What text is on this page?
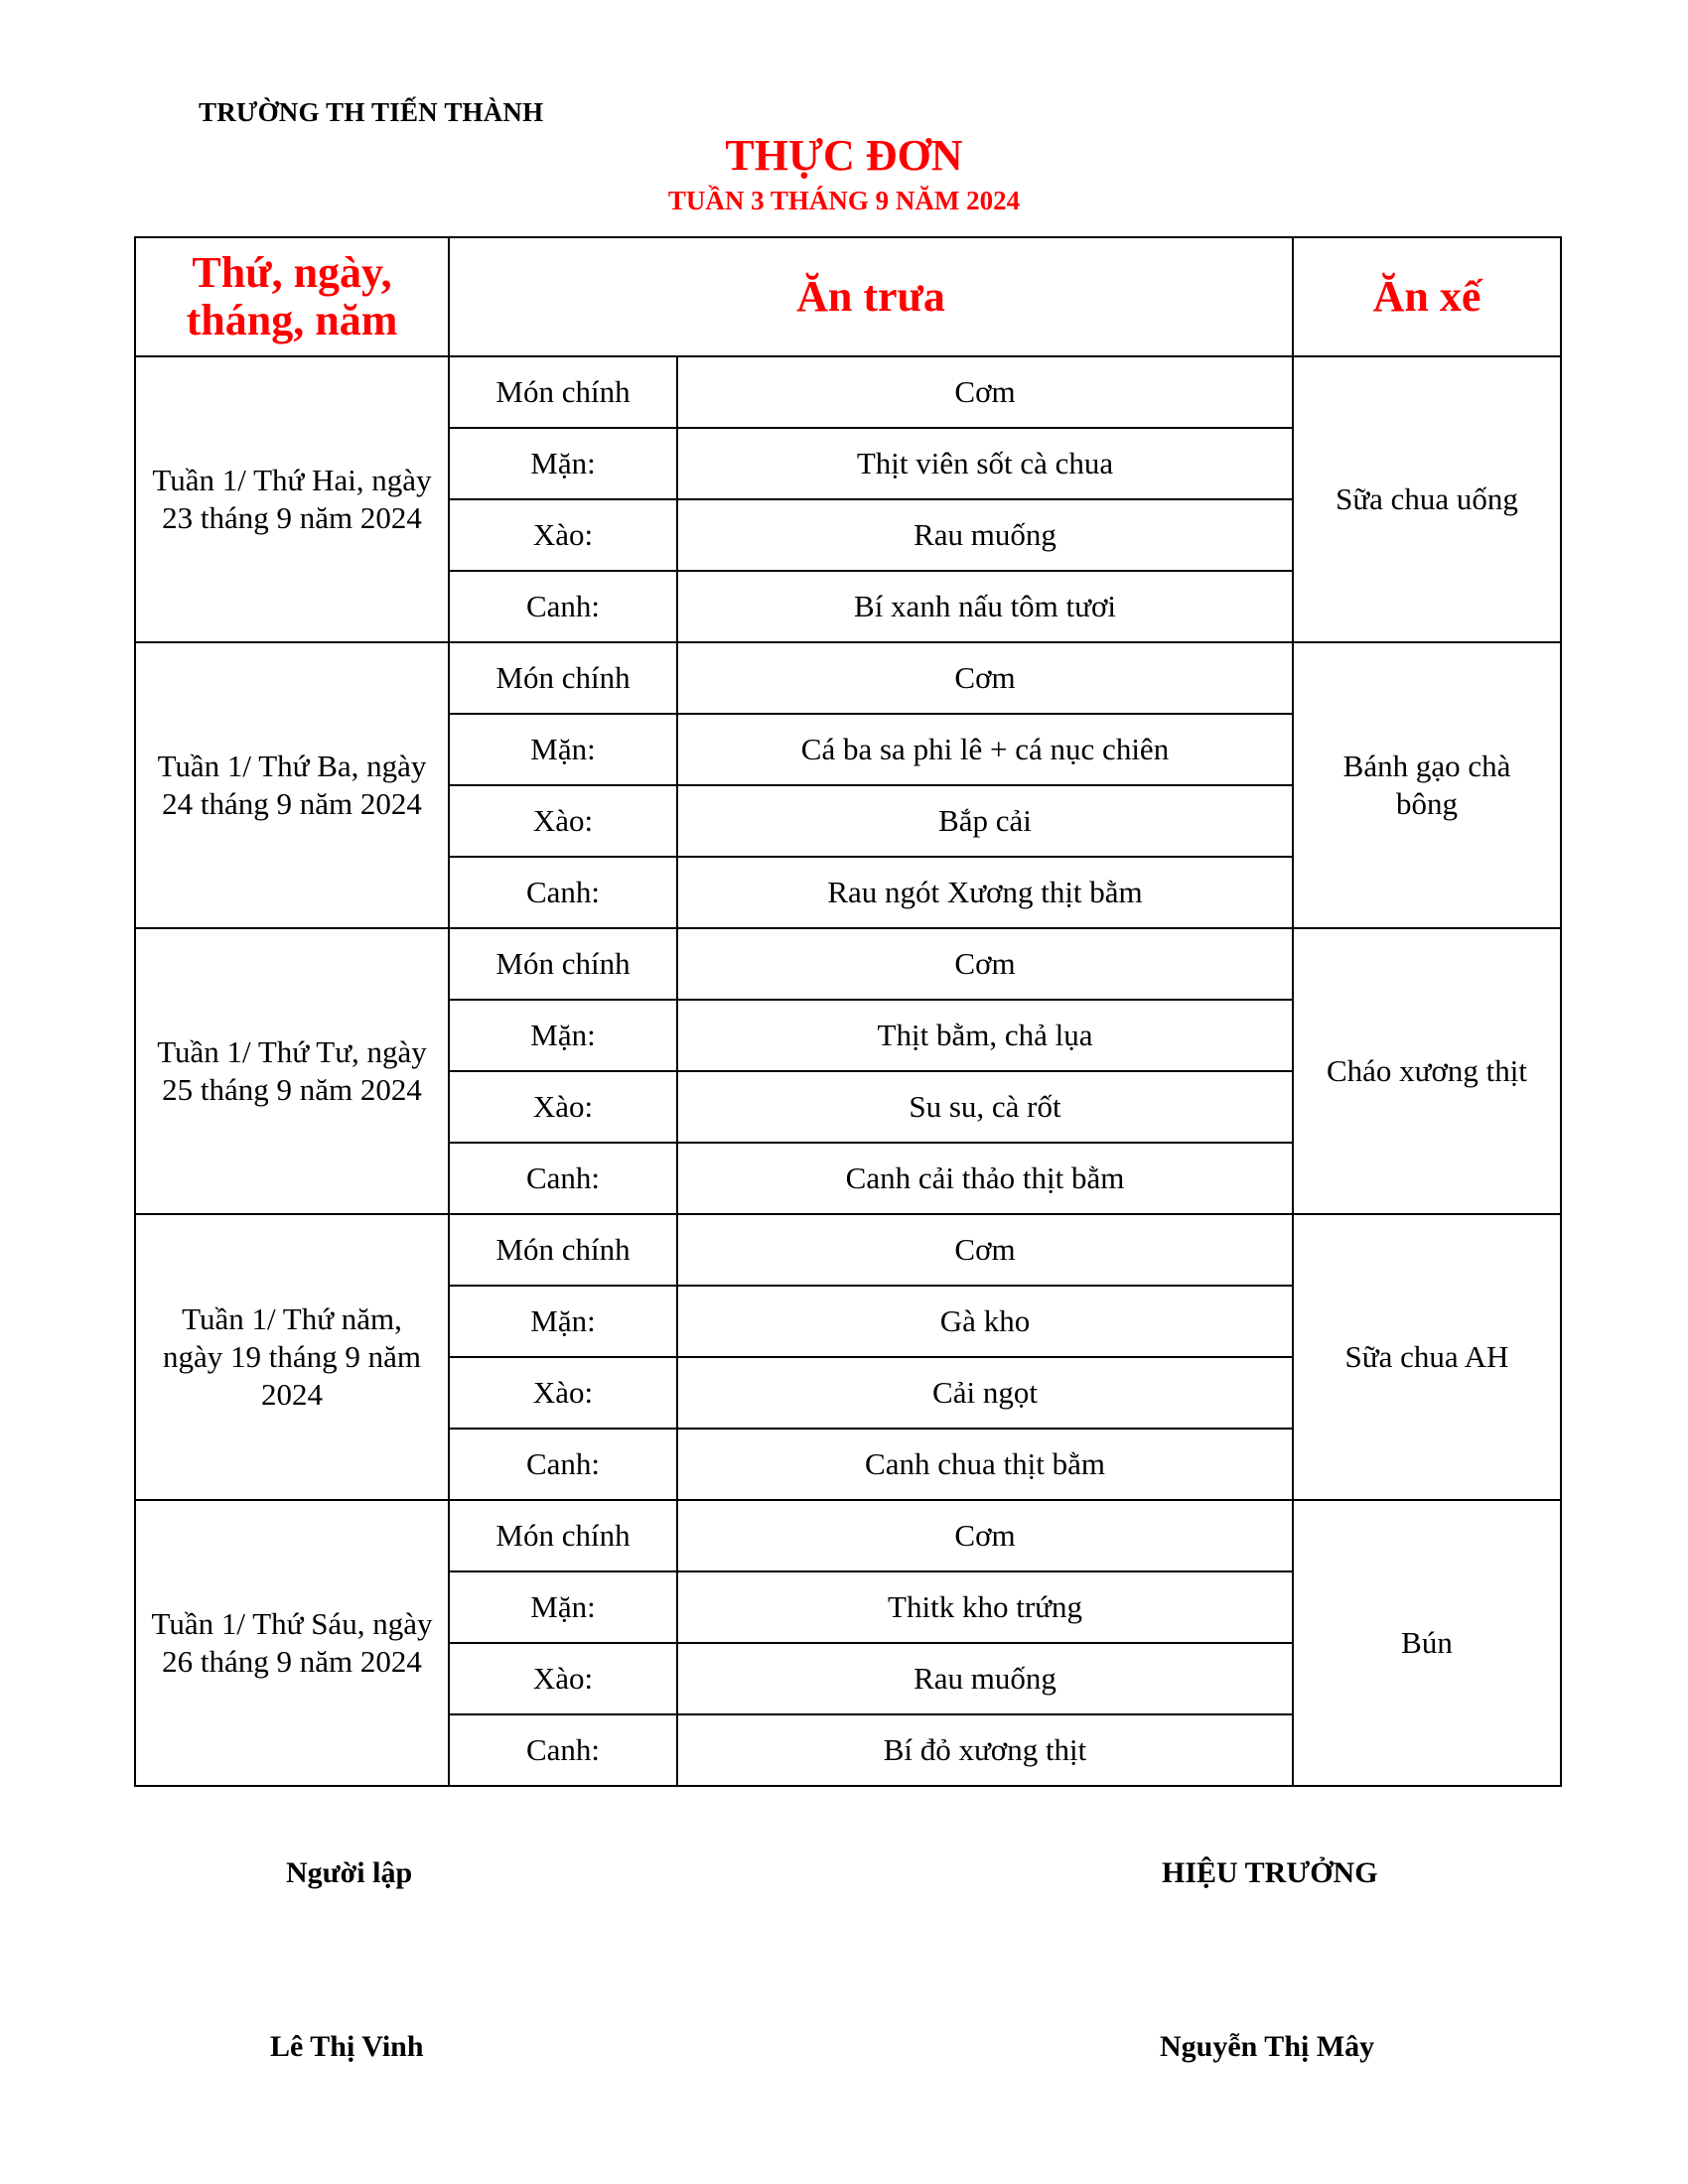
TRƯỜNG TH TIẾN THÀNH
THỰC ĐƠN
TUẦN 3 THÁNG 9 NĂM 2024
Thứ, ngày, tháng, năm	Ăn trưa		Ăn xế
Tuần 1/ Thứ Hai, ngày
23 tháng 9 năm 2024	Món chính	Cơm	Sữa chua uống
	Mặn:	Thịt viên sốt cà chua	
	Xào:	Rau muống	
	Canh:	Bí xanh nấu tôm tươi	
Tuần 1/ Thứ Ba, ngày 24 tháng 9 năm 2024	Món chính	Cơm	Bánh gạo chà bông
	Mặn:	Cá ba sa phi lê + cá nục chiên	
	Xào:	Bắp cải	
	Canh:	Rau ngót Xương thịt bằm	
Tuần 1/ Thứ Tư, ngày 25 tháng 9 năm 2024	Món chính	Cơm	Cháo xương thịt
	Mặn:	Thịt bằm, chả lụa	
	Xào:	Su su, cà rốt	
	Canh:	Canh cải thảo thịt bằm	
Tuần 1/ Thứ năm, ngày 19 tháng 9 năm 2024	Món chính	Cơm	Sữa chua AH
	Mặn:	Gà kho	
	Xào:	Cải ngọt	
	Canh:	Canh chua thịt bằm	
Tuần 1/ Thứ Sáu, ngày 26 tháng 9 năm 2024	Món chính	Cơm	Bún
	Mặn:	Thitk kho trứng	
	Xào:	Rau muống	
	Canh:	Bí đỏ xương thịt	
Người lập	HIỆU TRƯỞNG
Lê Thị Vinh	Nguyễn Thị Mây
